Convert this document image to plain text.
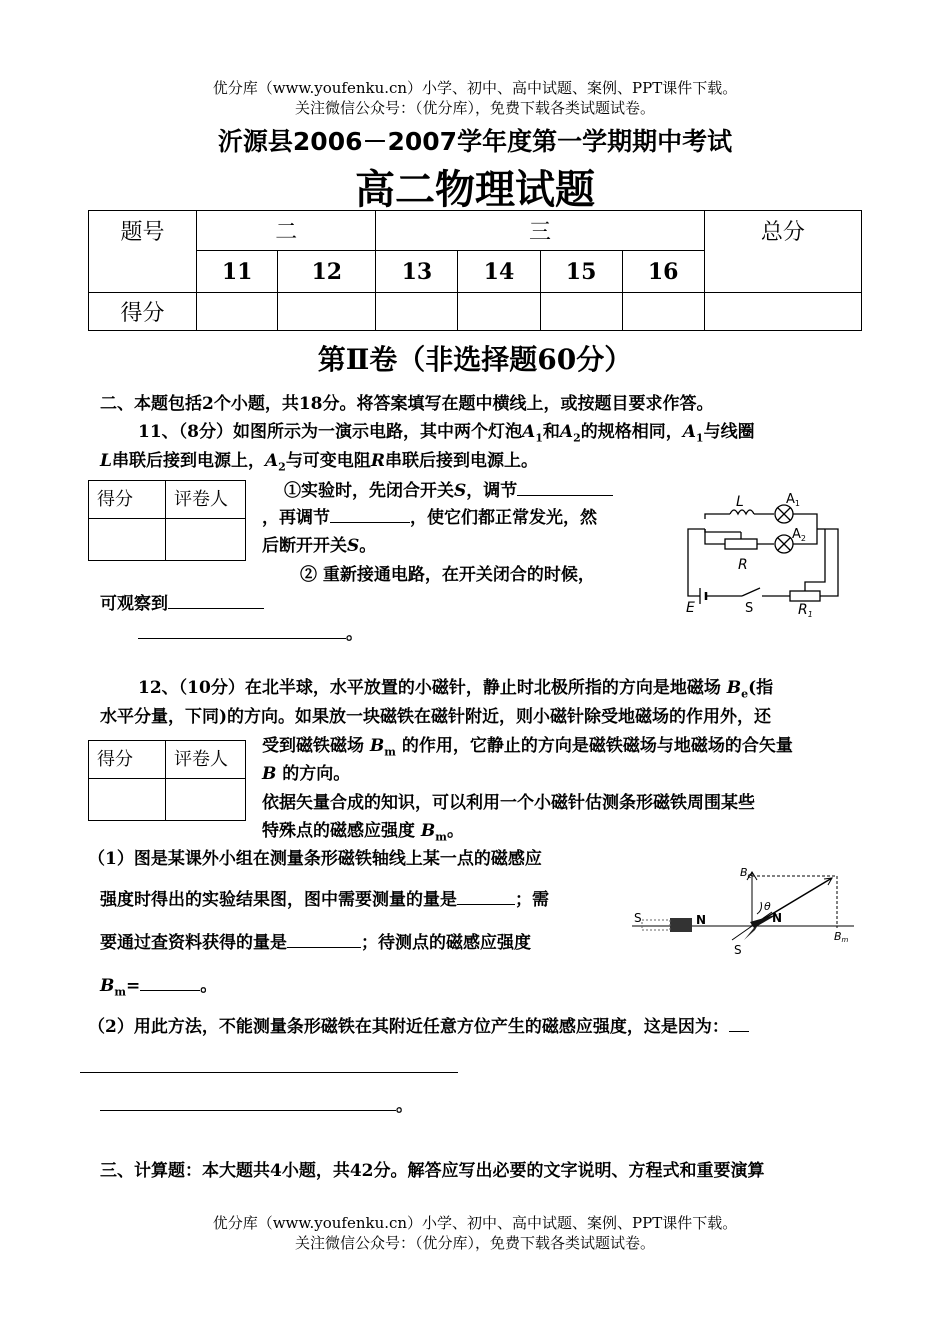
优分库（www.youfenku.cn）小学、初中、高中试题、案例、PPT课件下载。
关注微信公众号：（优分库），免费下载各类试题试卷。
沂源县2006－2007学年度第一学期期中考试
高二物理试题
题号	二		三				总分
	11	12	13	14	15	16	
得分							
第Ⅱ卷（非选择题60分）
二、本题包括2个小题，共18分。将答案填写在题中横线上，或按题目要求作答。
11、（8分）如图所示为一演示电路，其中两个灯泡$A_1$和$A_2$的规格相同，$A_1$与线圈
L串联后接到电源上，$A_2$与可变电阻R串联后接到电源上。
得分	评卷人
		①实验时，先闭合开关S，调节
，再调节	，使它们都正常发光，然
后断开开关S。
② 重新接通电路，在开关闭合的时候，
可观察到
。
L	$A_1$
$A_2$
R
E	S	$R_1$
12、（10分）在北半球，水平放置的小磁针，静止时北极所指的方向是地磁场 $B_e$(指
水平分量，下同)的方向。如果放一块磁铁在磁针附近，则小磁针除受地磁场的作用外，还
得分	评卷人

受到磁铁磁场 $B_m$ 的作用，它静止的方向是磁铁磁场与地磁场的合矢量
B 的方向。
依据矢量合成的知识，可以利用一个小磁针估测条形磁铁周围某些
特殊点的磁感应强度 $B_m$。
（1）图是某课外小组在测量条形磁铁轴线上某一点的磁感应
强度时得出的实验结果图，图中需要测量的量是	；需
要通过查资料获得的量是	；待测点的磁感应强度
$B_m=$	。
S	N
Be
θ
N
S
Bm
（2）用此方法，不能测量条形磁铁在其附近任意方位产生的磁感应强度，这是因为：
。
三、计算题：本大题共4小题，共42分。解答应写出必要的文字说明、方程式和重要演算
优分库（www.youfenku.cn）小学、初中、高中试题、案例、PPT课件下载。
关注微信公众号：（优分库），免费下载各类试题试卷。
